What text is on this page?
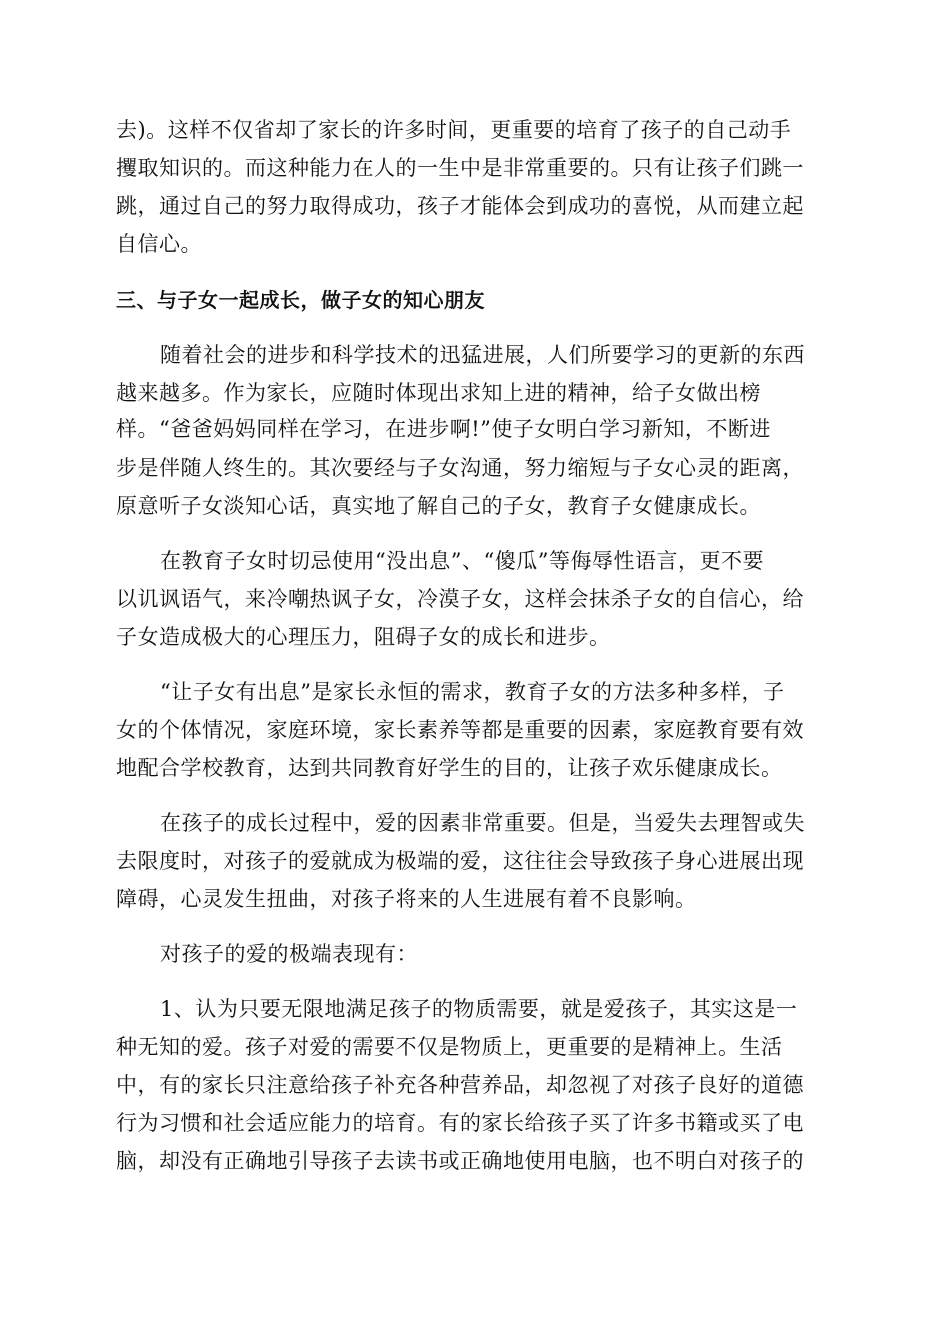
去)。这样不仅省却了家长的许多时间，更重要的培育了孩子的自己动手
攫取知识的。而这种能力在人的一生中是非常重要的。只有让孩子们跳一
跳，通过自己的努力取得成功，孩子才能体会到成功的喜悦，从而建立起
自信心。
三、与子女一起成长，做子女的知心朋友
随着社会的进步和科学技术的迅猛进展，人们所要学习的更新的东西
越来越多。作为家长，应随时体现出求知上进的精神，给子女做出榜
样。“爸爸妈妈同样在学习，在进步啊!”使子女明白学习新知，不断进
步是伴随人终生的。其次要经与子女沟通，努力缩短与子女心灵的距离，
原意听子女淡知心话，真实地了解自己的子女，教育子女健康成长。
在教育子女时切忌使用“没出息”、“傻瓜”等侮辱性语言，更不要
以讥讽语气，来冷嘲热讽子女，冷漠子女，这样会抹杀子女的自信心，给
子女造成极大的心理压力，阻碍子女的成长和进步。
“让子女有出息”是家长永恒的需求，教育子女的方法多种多样，子
女的个体情况，家庭环境，家长素养等都是重要的因素，家庭教育要有效
地配合学校教育，达到共同教育好学生的目的，让孩子欢乐健康成长。
在孩子的成长过程中，爱的因素非常重要。但是，当爱失去理智或失
去限度时，对孩子的爱就成为极端的爱，这往往会导致孩子身心进展出现
障碍，心灵发生扭曲，对孩子将来的人生进展有着不良影响。
对孩子的爱的极端表现有：
1、认为只要无限地满足孩子的物质需要，就是爱孩子，其实这是一
种无知的爱。孩子对爱的需要不仅是物质上，更重要的是精神上。生活
中，有的家长只注意给孩子补充各种营养品，却忽视了对孩子良好的道德
行为习惯和社会适应能力的培育。有的家长给孩子买了许多书籍或买了电
脑，却没有正确地引导孩子去读书或正确地使用电脑，也不明白对孩子的
